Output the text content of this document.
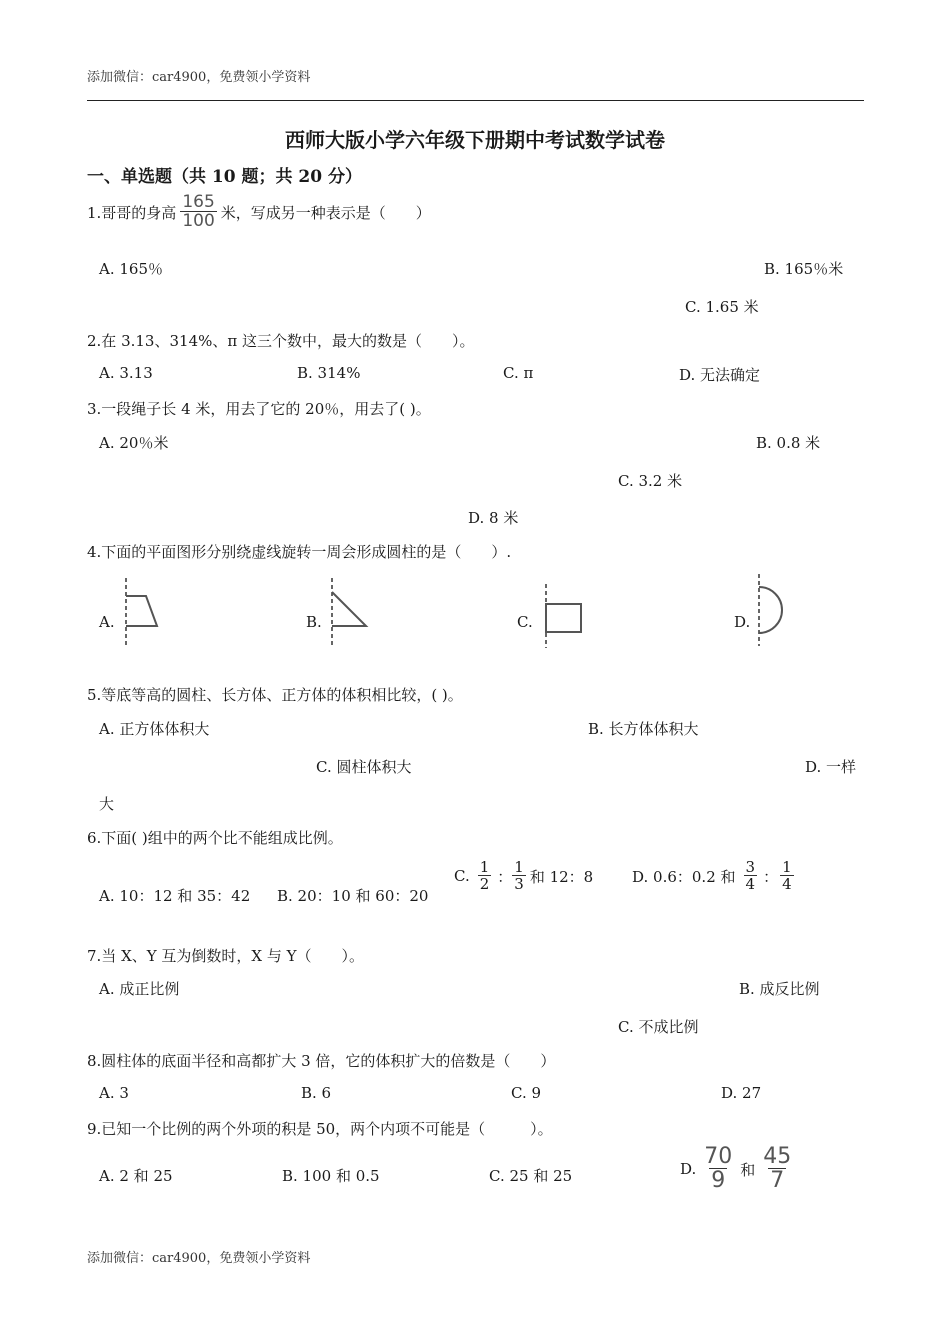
添加微信：car4900，免费领小学资料
西师大版小学六年级下册期中考试数学试卷
一、单选题（共 10 题；共 20 分）
1.哥哥的身高 $\frac{165}{100}$ 米，写成另一种表示是（　　）
A. 165％	B. 165％米
C. 1.65 米
2.在 3.13、314%、π 这三个数中，最大的数是（　　）。
A. 3.13	B. 314%	C. π	D. 无法确定
3.一段绳子长 4 米，用去了它的 20％，用去了( )。
A. 20％米	B. 0.8 米
C. 3.2 米
D. 8 米
4.下面的平面图形分别绕虚线旋转一周会形成圆柱的是（　　）.
A.	B.	C.	D.
5.等底等高的圆柱、长方体、正方体的体积相比较，( )。
A. 正方体体积大	B. 长方体体积大
C. 圆柱体积大	D. 一样
大
6.下面( )组中的两个比不能组成比例。
A. 10：12 和 35：42 B. 20：10 和 60：20
C. $\frac{1}{2}$ ： $\frac{1}{3}$ 和 12：8	D. 0.6：0.2 和 $\frac{3}{4}$ ： $\frac{1}{4}$
7.当 X、Y 互为倒数时，X 与 Y（　　）。
A. 成正比例	B. 成反比例
C. 不成比例
8.圆柱体的底面半径和高都扩大 3 倍，它的体积扩大的倍数是（　　）
A. 3	B. 6	C. 9	D. 27
9.已知一个比例的两个外项的积是 50，两个内项不可能是（　　　）。
A. 2 和 25	B. 100 和 0.5	C. 25 和 25	D. $\frac{70}{9}$ 和 $\frac{45}{7}$
添加微信：car4900，免费领小学资料
